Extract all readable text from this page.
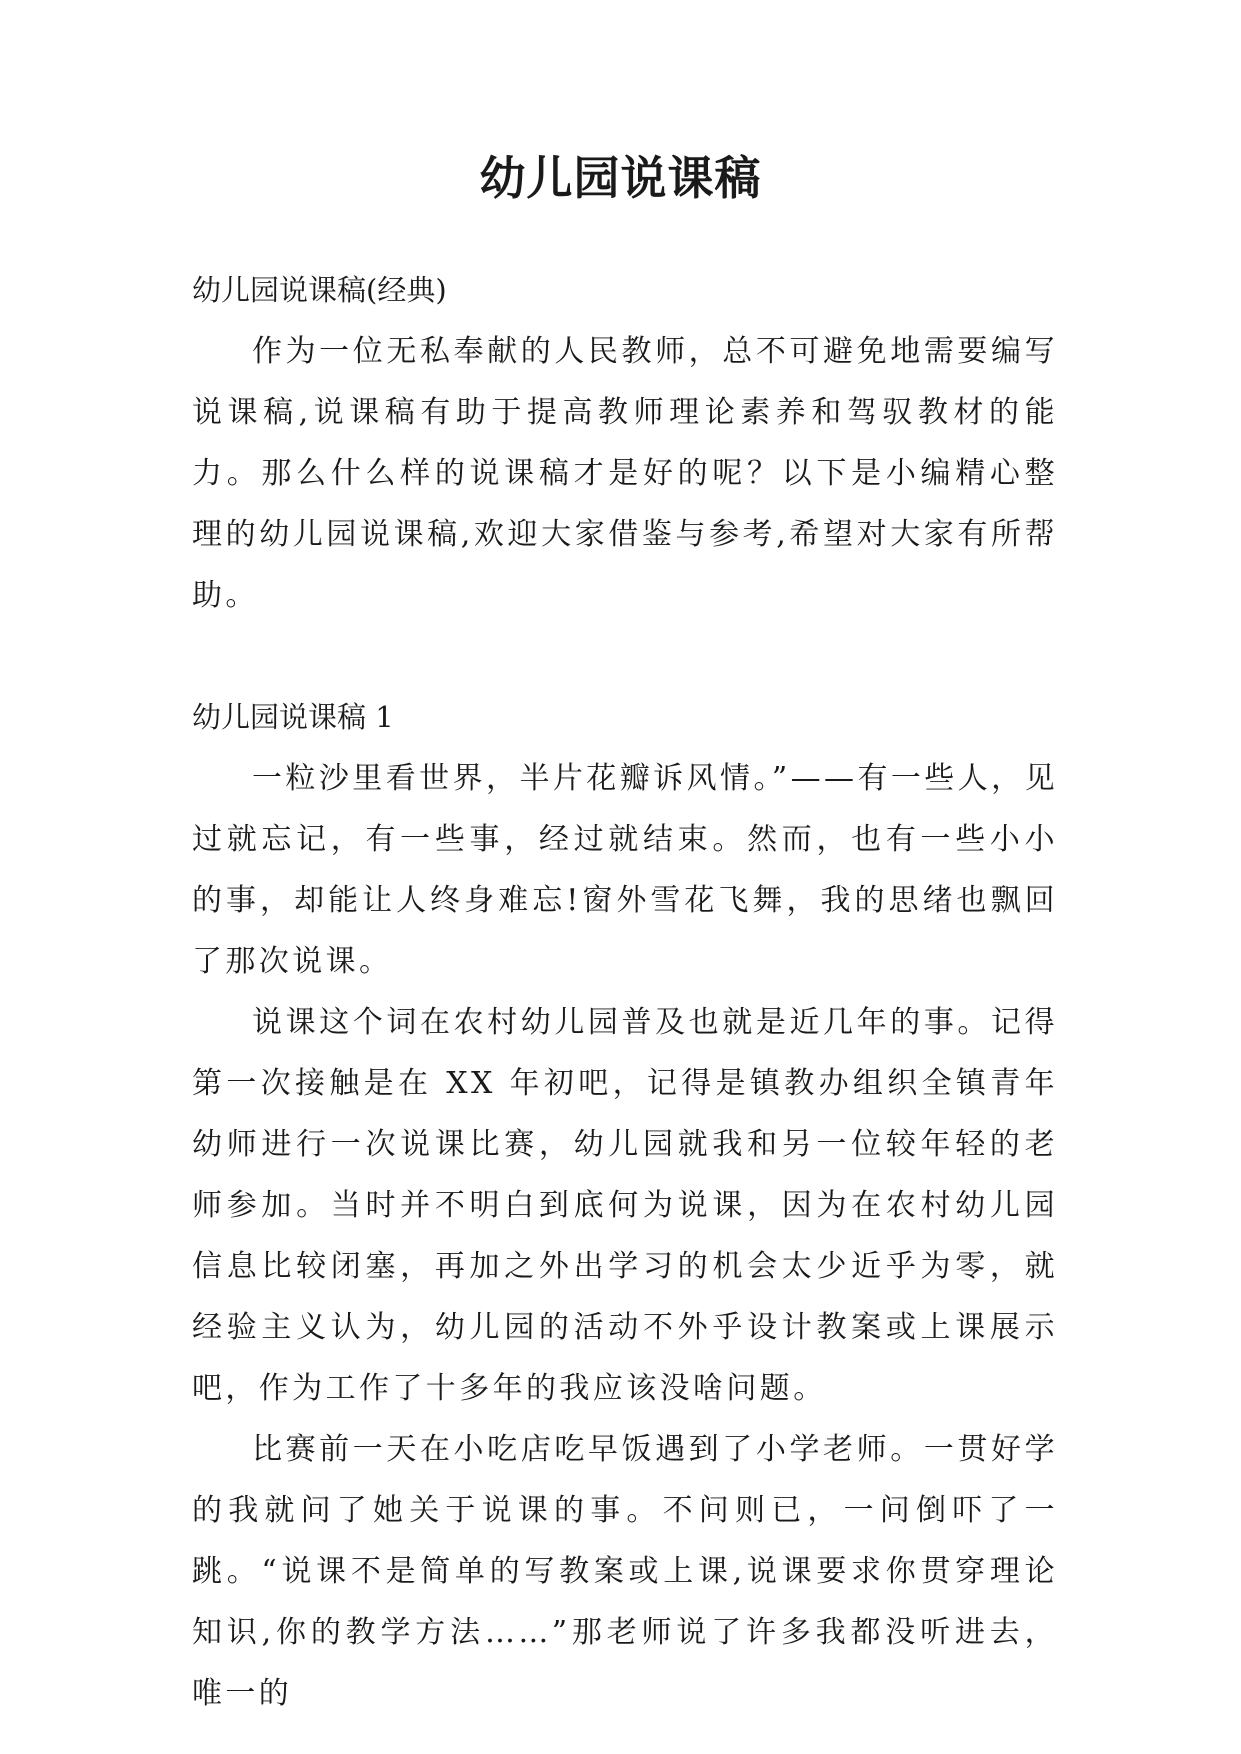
幼儿园说课稿

幼儿园说课稿(经典)

作为一位无私奉献的人民教师，总不可避免地需要编写说课稿,说课稿有助于提高教师理论素养和驾驭教材的能力。那么什么样的说课稿才是好的呢？以下是小编精心整理的幼儿园说课稿,欢迎大家借鉴与参考,希望对大家有所帮助。

幼儿园说课稿 1

一粒沙里看世界，半片花瓣诉风情。”——有一些人，见过就忘记，有一些事，经过就结束。然而，也有一些小小的事，却能让人终身难忘!窗外雪花飞舞，我的思绪也飘回了那次说课。

说课这个词在农村幼儿园普及也就是近几年的事。记得第一次接触是在 XX 年初吧，记得是镇教办组织全镇青年幼师进行一次说课比赛，幼儿园就我和另一位较年轻的老师参加。当时并不明白到底何为说课，因为在农村幼儿园信息比较闭塞，再加之外出学习的机会太少近乎为零，就经验主义认为，幼儿园的活动不外乎设计教案或上课展示吧，作为工作了十多年的我应该没啥问题。

比赛前一天在小吃店吃早饭遇到了小学老师。一贯好学的我就问了她关于说课的事。不问则已，一问倒吓了一跳。“说课不是简单的写教案或上课,说课要求你贯穿理论知识,你的教学方法……”那老师说了许多我都没听进去，唯一的
